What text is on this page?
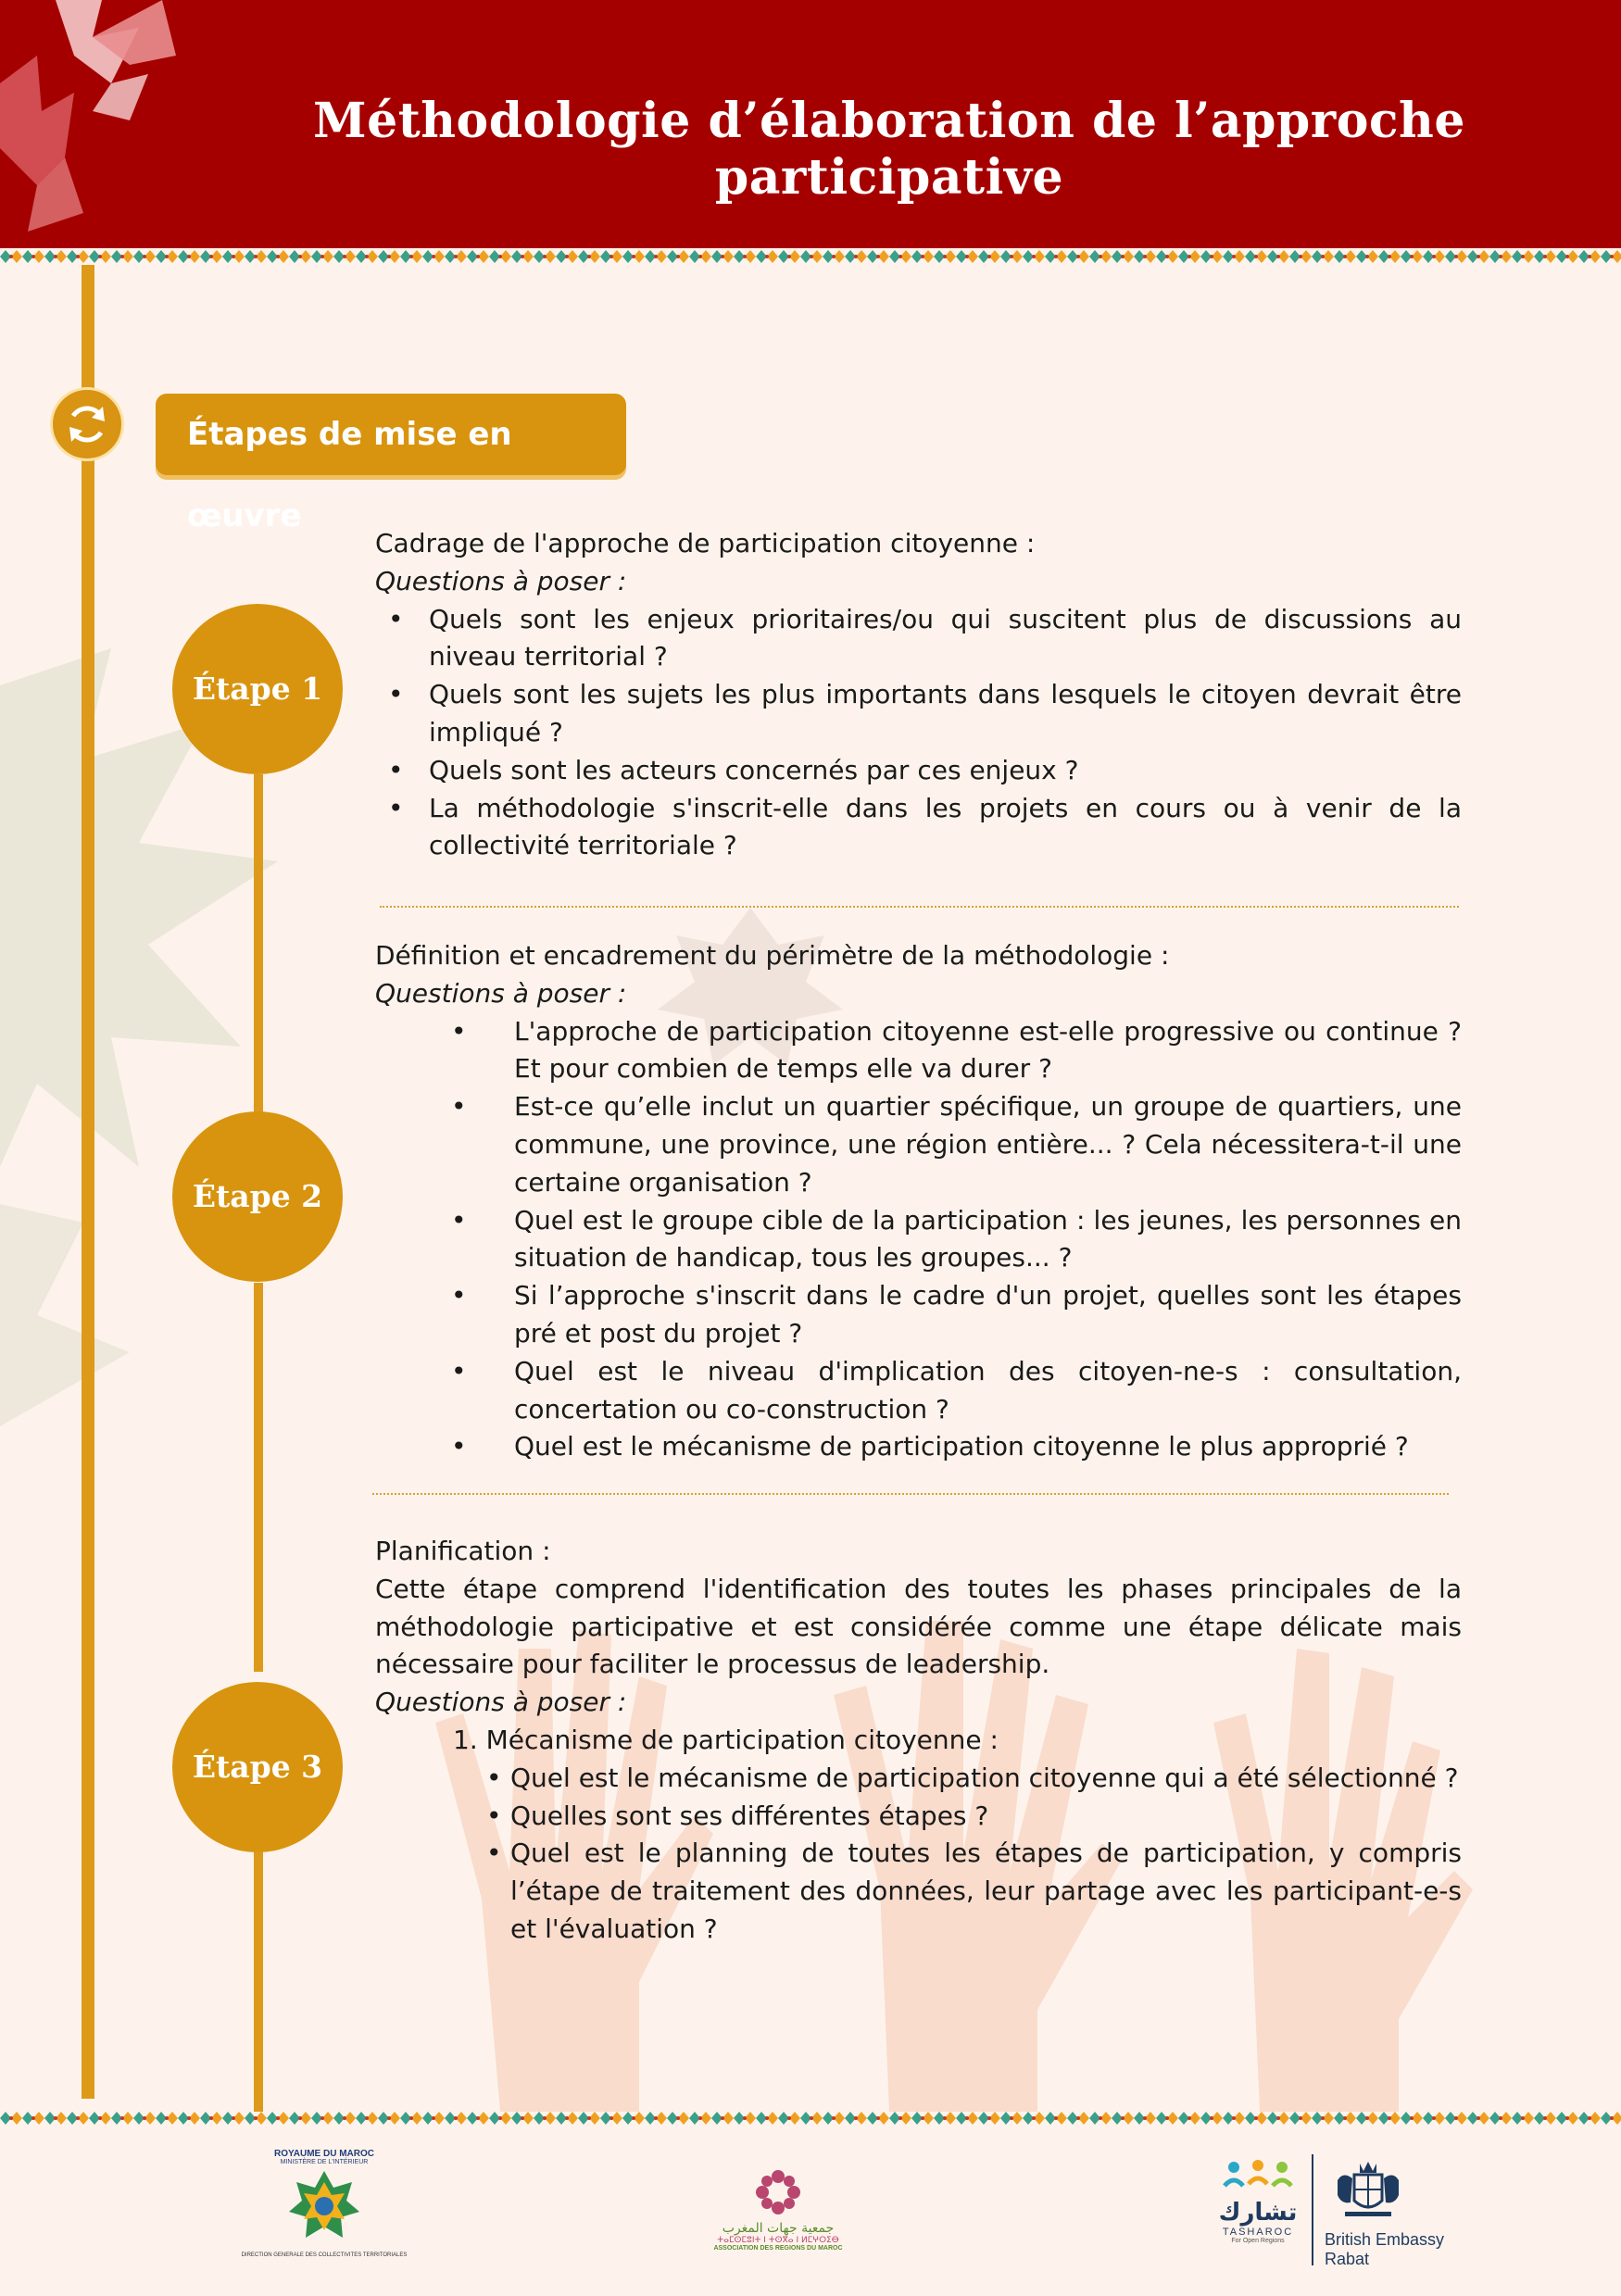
Méthodologie d’élaboration de l’approche participative
Étapes de mise en œuvre
Étape 1

Cadrage de l'approche de participation citoyenne :

Questions à poser :

• Quels sont les enjeux prioritaires/ou qui suscitent plus de discussions au niveau territorial ?
• Quels sont les sujets les plus importants dans lesquels le citoyen devrait être impliqué ?
• Quels sont les acteurs concernés par ces enjeux ?
• La méthodologie s'inscrit-elle dans les projets en cours ou à venir de la collectivité territoriale ?
Étape 2

Définition et encadrement du périmètre de la méthodologie :

Questions à poser :

• L'approche de participation citoyenne est-elle progressive ou continue ? Et pour combien de temps elle va durer ?
• Est-ce qu’elle inclut un quartier spécifique, un groupe de quartiers, une commune, une province, une région entière... ? Cela nécessitera-t-il une certaine organisation ?
• Quel est le groupe cible de la participation : les jeunes, les personnes en situation de handicap, tous les groupes... ?
• Si l’approche s'inscrit dans le cadre d'un projet, quelles sont les étapes pré et post du projet ?
• Quel est le niveau d'implication des citoyen-ne-s : consultation, concertation ou co-construction ?
• Quel est le mécanisme de participation citoyenne le plus approprié ?
Étape 3

Planification :

Cette étape comprend l'identification des toutes les phases principales de la méthodologie participative et est considérée comme une étape délicate mais nécessaire pour faciliter le processus de leadership.

Questions à poser :

1. Mécanisme de participation citoyenne :

• Quel est le mécanisme de participation citoyenne qui a été sélectionné ?
• Quelles sont ses différentes étapes ?
• Quel est le planning de toutes les étapes de participation, y compris l’étape de traitement des données, leur partage avec les participant-e-s et l'évaluation ?
ROYAUME DU MAROC
MINISTÈRE DE L'INTÉRIEUR
DIRECTION GENERALE DES COLLECTIVITES TERRITORIALES
جمعية جهات المغرب
ⵜⴰⵎⵙⵎⵓⵏⵜ ⵏ ⵜⵙⴳⴰ ⵏ ⵍⵎⵖⵔⵉⴱ
ASSOCIATION DES REGIONS DU MAROC
تشارك
TASHAROC
For Open Regions	British Embassy
Rabat
